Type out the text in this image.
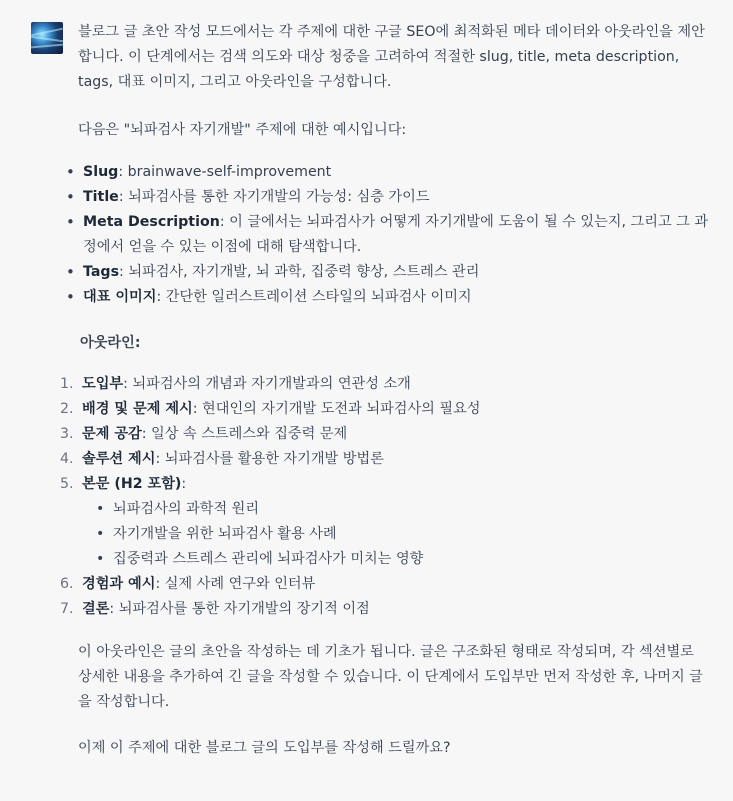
블로그 글 초안 작성 모드에서는 각 주제에 대한 구글 SEO에 최적화된 메타 데이터와 아웃라인을 제안합니다. 이 단계에서는 검색 의도와 대상 청중을 고려하여 적절한 slug, title, meta description, tags, 대표 이미지, 그리고 아웃라인을 구성합니다.

다음은 "뇌파검사 자기개발" 주제에 대한 예시입니다:

• Slug: brainwave-self-improvement
• Title: 뇌파검사를 통한 자기개발의 가능성: 심층 가이드
• Meta Description: 이 글에서는 뇌파검사가 어떻게 자기개발에 도움이 될 수 있는지, 그리고 그 과정에서 얻을 수 있는 이점에 대해 탐색합니다.
• Tags: 뇌파검사, 자기개발, 뇌 과학, 집중력 향상, 스트레스 관리
• 대표 이미지: 간단한 일러스트레이션 스타일의 뇌파검사 이미지

아웃라인:

1. 도입부: 뇌파검사의 개념과 자기개발과의 연관성 소개
2. 배경 및 문제 제시: 현대인의 자기개발 도전과 뇌파검사의 필요성
3. 문제 공감: 일상 속 스트레스와 집중력 문제
4. 솔루션 제시: 뇌파검사를 활용한 자기개발 방법론
5. 본문 (H2 포함):
• 뇌파검사의 과학적 원리
• 자기개발을 위한 뇌파검사 활용 사례
• 집중력과 스트레스 관리에 뇌파검사가 미치는 영향
6. 경험과 예시: 실제 사례 연구와 인터뷰
7. 결론: 뇌파검사를 통한 자기개발의 장기적 이점

이 아웃라인은 글의 초안을 작성하는 데 기초가 됩니다. 글은 구조화된 형태로 작성되며, 각 섹션별로 상세한 내용을 추가하여 긴 글을 작성할 수 있습니다. 이 단계에서 도입부만 먼저 작성한 후, 나머지 글을 작성합니다.

이제 이 주제에 대한 블로그 글의 도입부를 작성해 드릴까요?
